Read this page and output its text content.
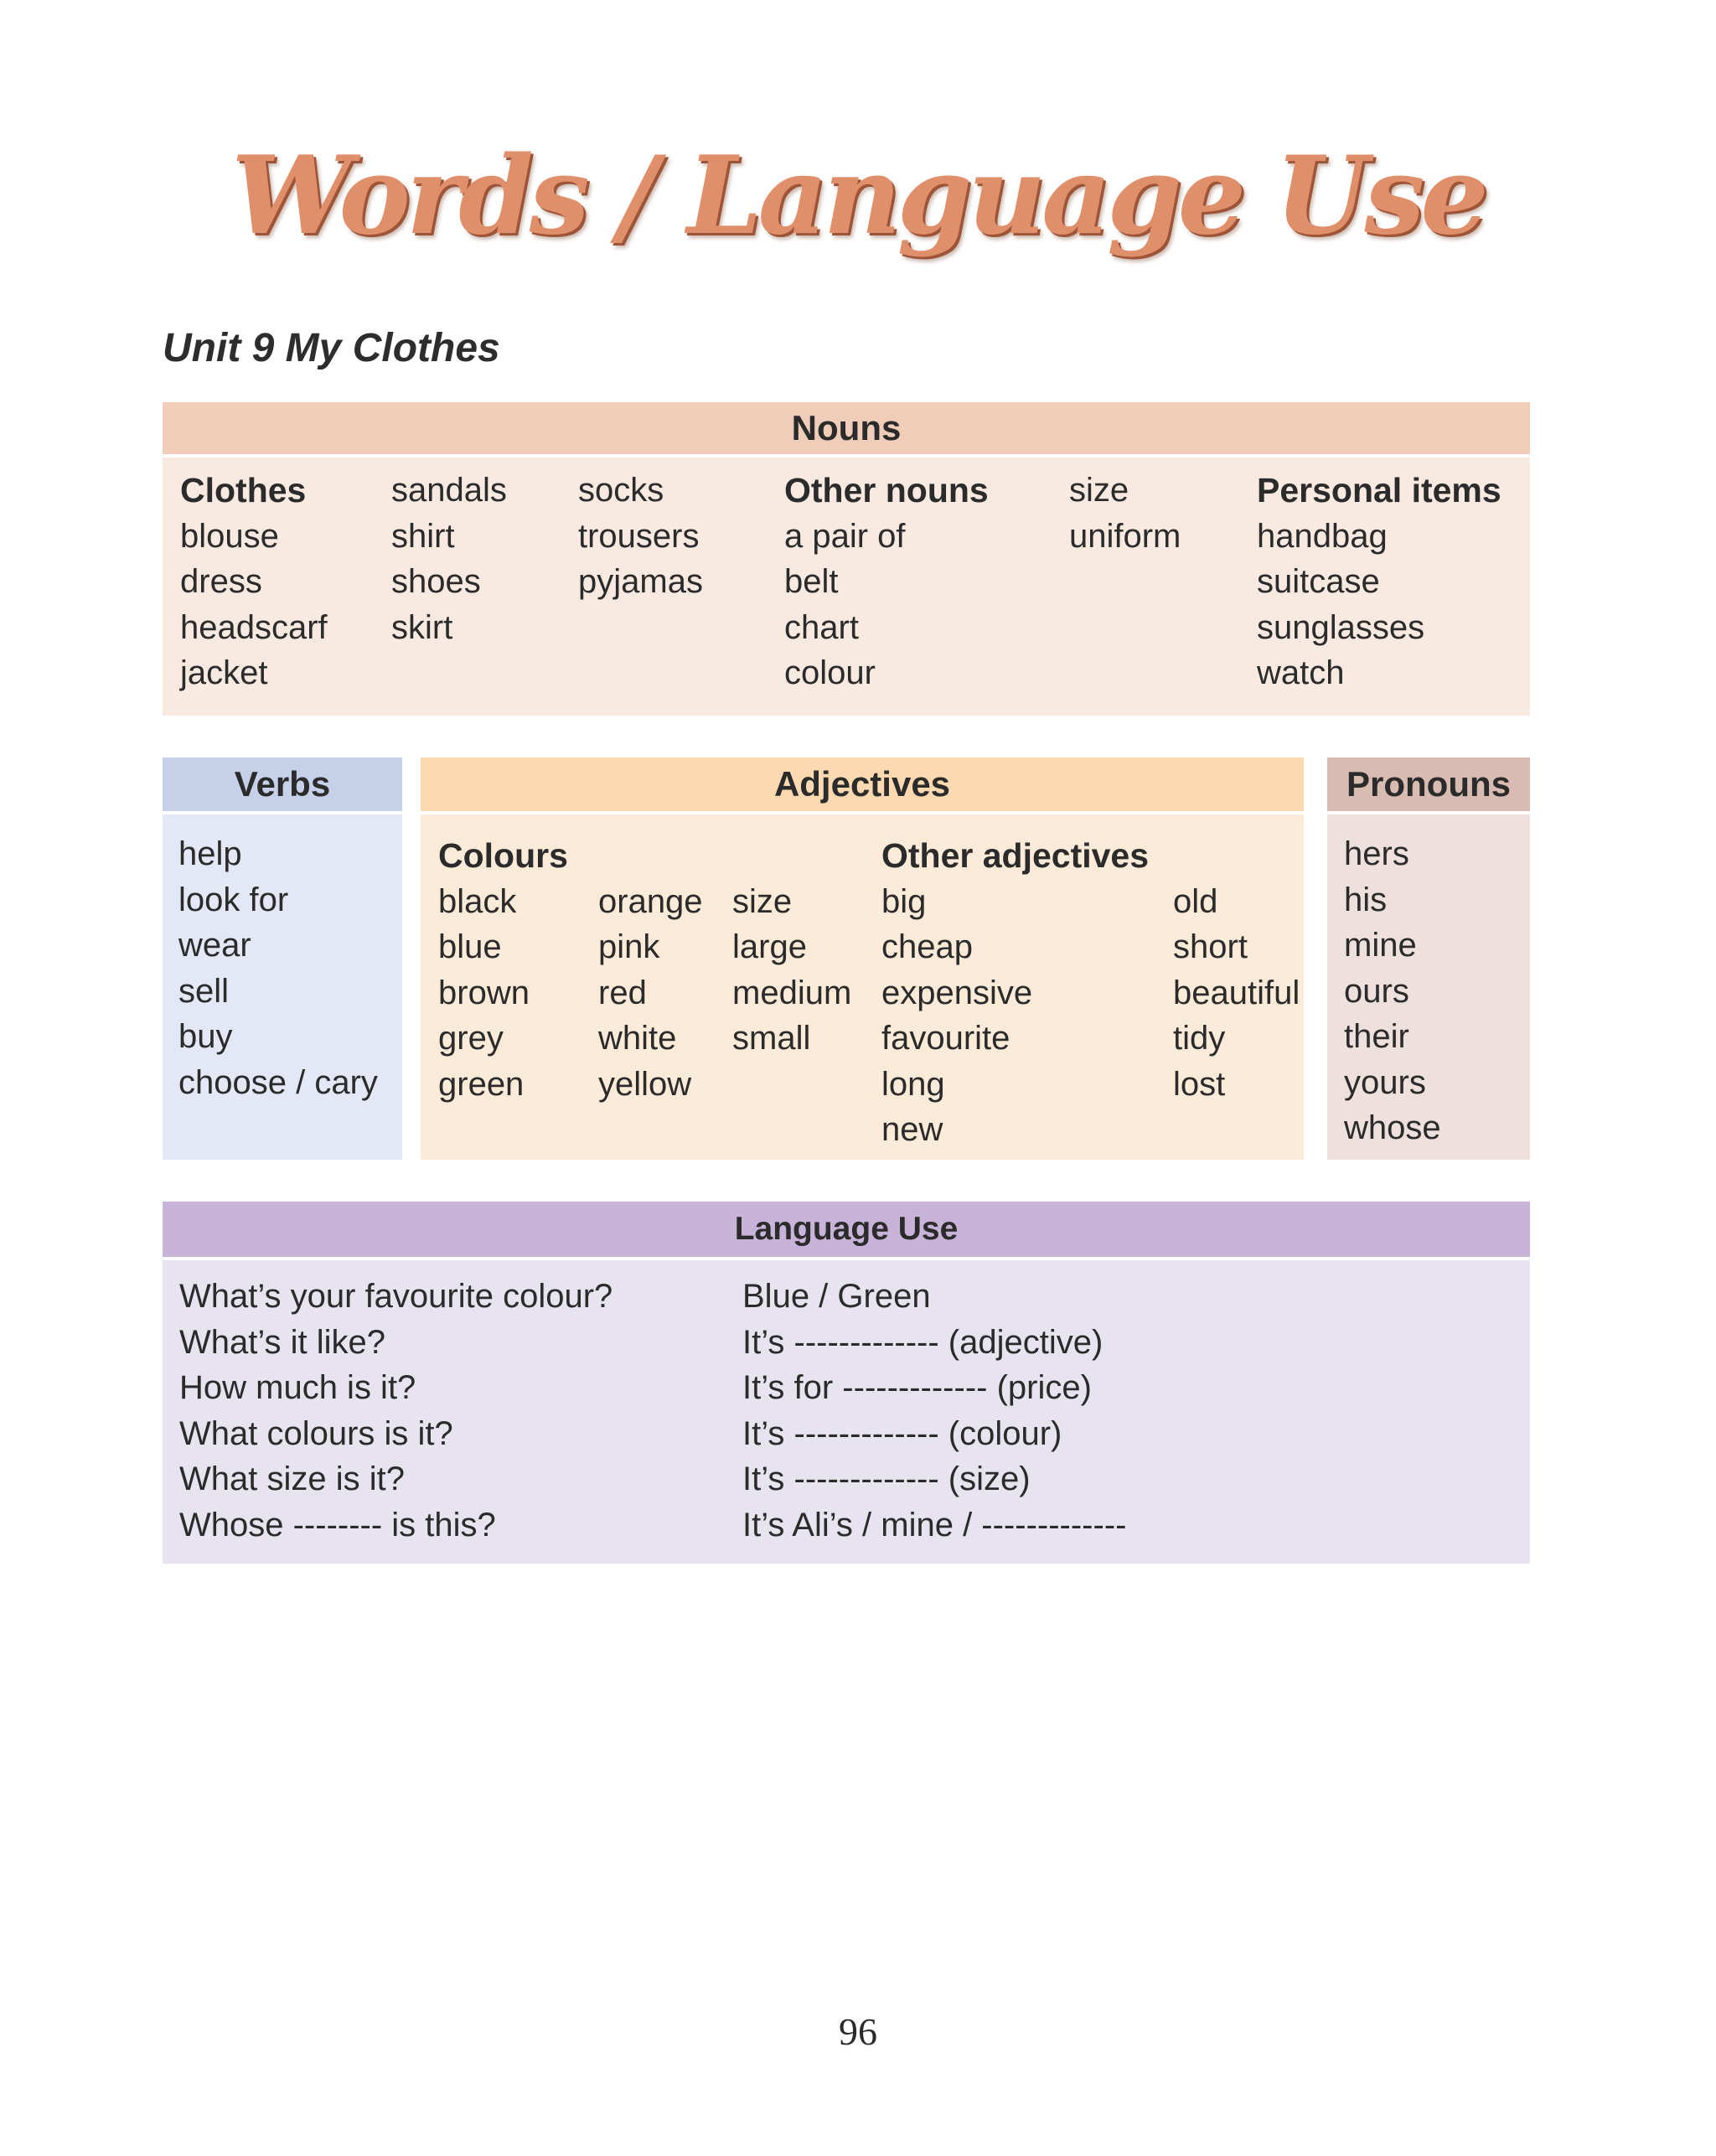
Words / Language Use
Unit 9 My Clothes
Nouns
Clothes
blouse
dress
headscarf
jacket
sandals
shirt
shoes
skirt
socks
trousers
pyjamas
Other nouns
a pair of
belt
chart
colour
size
uniform
Personal items
handbag
suitcase
sunglasses
watch
Verbs
help
look for
wear
sell
buy
choose / cary
Adjectives
Colours
black
blue
brown
grey
green
orange
pink
red
white
yellow
size
large
medium
small
Other adjectives
big
cheap
expensive
favourite
long
new
old
short
beautiful
tidy
lost
Pronouns
hers
his
mine
ours
their
yours
whose
Language Use
What’s your favourite colour?
What’s it like?
How much is it?
What colours is it?
What size is it?
Whose -------- is this?
Blue / Green
It’s ------------- (adjective)
It’s for ------------- (price)
It’s ------------- (colour)
It’s ------------- (size)
It’s Ali’s / mine / -------------
96
